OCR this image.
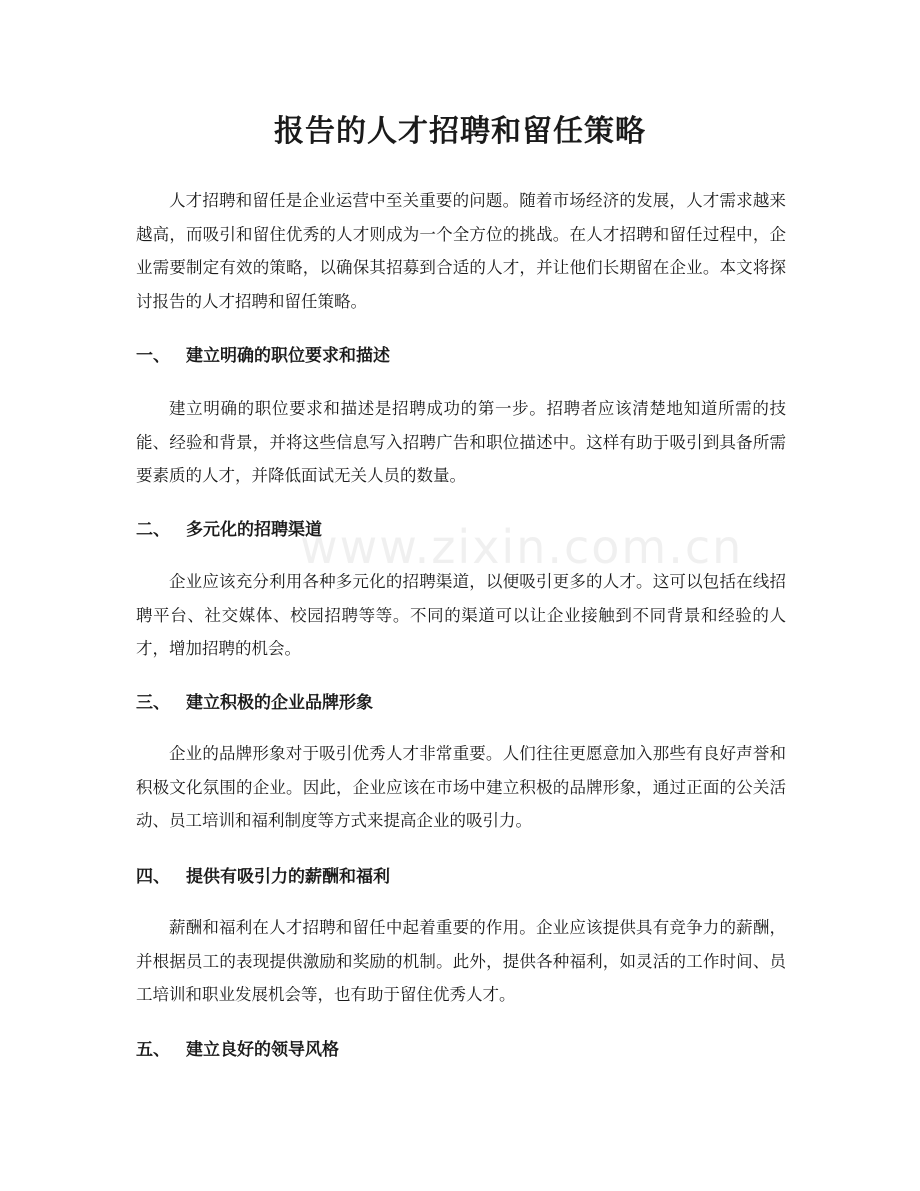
www.zixin.com.cn
报告的人才招聘和留任策略

人才招聘和留任是企业运营中至关重要的问题。随着市场经济的发展，人才需求越来越高，而吸引和留住优秀的人才则成为一个全方位的挑战。在人才招聘和留任过程中，企业需要制定有效的策略，以确保其招募到合适的人才，并让他们长期留在企业。本文将探讨报告的人才招聘和留任策略。

一、 建立明确的职位要求和描述

建立明确的职位要求和描述是招聘成功的第一步。招聘者应该清楚地知道所需的技能、经验和背景，并将这些信息写入招聘广告和职位描述中。这样有助于吸引到具备所需要素质的人才，并降低面试无关人员的数量。

二、 多元化的招聘渠道

企业应该充分利用各种多元化的招聘渠道，以便吸引更多的人才。这可以包括在线招聘平台、社交媒体、校园招聘等等。不同的渠道可以让企业接触到不同背景和经验的人才，增加招聘的机会。

三、 建立积极的企业品牌形象

企业的品牌形象对于吸引优秀人才非常重要。人们往往更愿意加入那些有良好声誉和积极文化氛围的企业。因此，企业应该在市场中建立积极的品牌形象，通过正面的公关活动、员工培训和福利制度等方式来提高企业的吸引力。

四、 提供有吸引力的薪酬和福利

薪酬和福利在人才招聘和留任中起着重要的作用。企业应该提供具有竞争力的薪酬，并根据员工的表现提供激励和奖励的机制。此外，提供各种福利，如灵活的工作时间、员工培训和职业发展机会等，也有助于留住优秀人才。

五、 建立良好的领导风格
